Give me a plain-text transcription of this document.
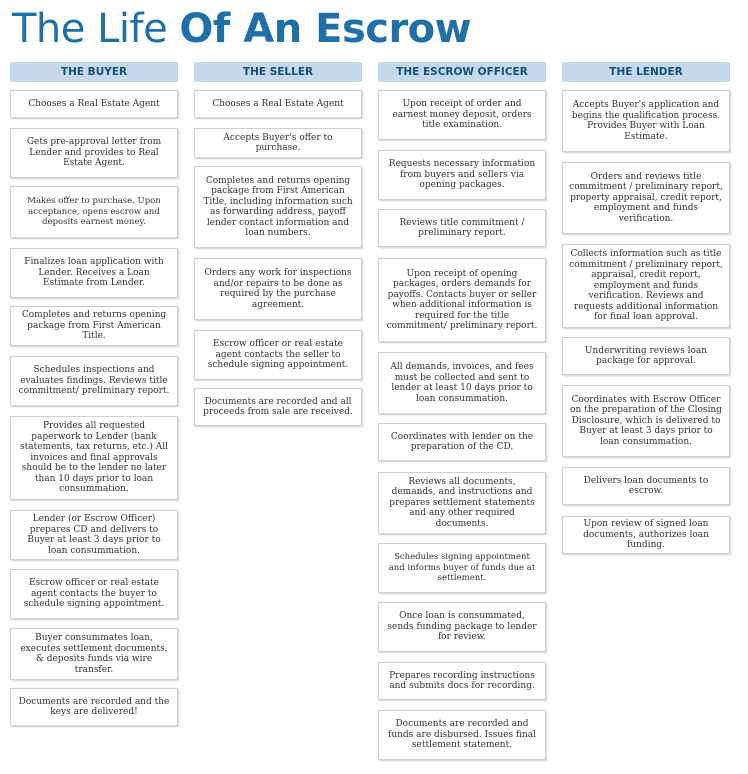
The Life Of An Escrow
THE BUYER
Chooses a Real Estate Agent
Gets pre-approval letter from Lender and provides to Real Estate Agent.
Makes offer to purchase. Upon acceptance, opens escrow and deposits earnest money.
Finalizes loan application with Lender. Receives a Loan Estimate from Lender.
Completes and returns opening package from First American Title.
Schedules inspections and evaluates findings. Reviews title commitment/ preliminary report.
Provides all requested paperwork to Lender (bank statements, tax returns, etc.) All invoices and final approvals should be to the lender no later than 10 days prior to loan consummation.
Lender (or Escrow Officer) prepares CD and delivers to Buyer at least 3 days prior to loan consummation.
Escrow officer or real estate agent contacts the buyer to schedule signing appointment.
Buyer consummates loan, executes settlement documents, & deposits funds via wire transfer.
Documents are recorded and the keys are delivered!
THE SELLER
Chooses a Real Estate Agent
Accepts Buyer's offer to purchase.
Completes and returns opening package from First American Title, including information such as forwarding address, payoff lender contact information and loan numbers.
Orders any work for inspections and/or repairs to be done as required by the purchase agreement.
Escrow officer or real estate agent contacts the seller to schedule signing appointment.
Documents are recorded and all proceeds from sale are received.
THE ESCROW OFFICER
Upon receipt of order and earnest money deposit, orders title examination.
Requests necessary information from buyers and sellers via opening packages.
Reviews title commitment / preliminary report.
Upon receipt of opening packages, orders demands for payoffs. Contacts buyer or seller when additional information is required for the title commitment/ preliminary report.
All demands, invoices, and fees must be collected and sent to lender at least 10 days prior to loan consummation.
Coordinates with lender on the preparation of the CD.
Reviews all documents, demands, and instructions and prepares settlement statements and any other required documents.
Schedules signing appointment and informs buyer of funds due at settlement.
Once loan is consummated, sends funding package to lender for review.
Prepares recording instructions and submits docs for recording.
Documents are recorded and funds are disbursed. Issues final settlement statement.
THE LENDER
Accepts Buyer's application and begins the qualification process. Provides Buyer with Loan Estimate.
Orders and reviews title commitment / preliminary report, property appraisal, credit report, employment and funds verification.
Collects information such as title commitment / preliminary report, appraisal, credit report, employment and funds verification. Reviews and requests additional information for final loan approval.
Underwriting reviews loan package for approval.
Coordinates with Escrow Officer on the preparation of the Closing Disclosure, which is delivered to Buyer at least 3 days prior to loan consummation.
Delivers loan documents to escrow.
Upon review of signed loan documents, authorizes loan funding.
